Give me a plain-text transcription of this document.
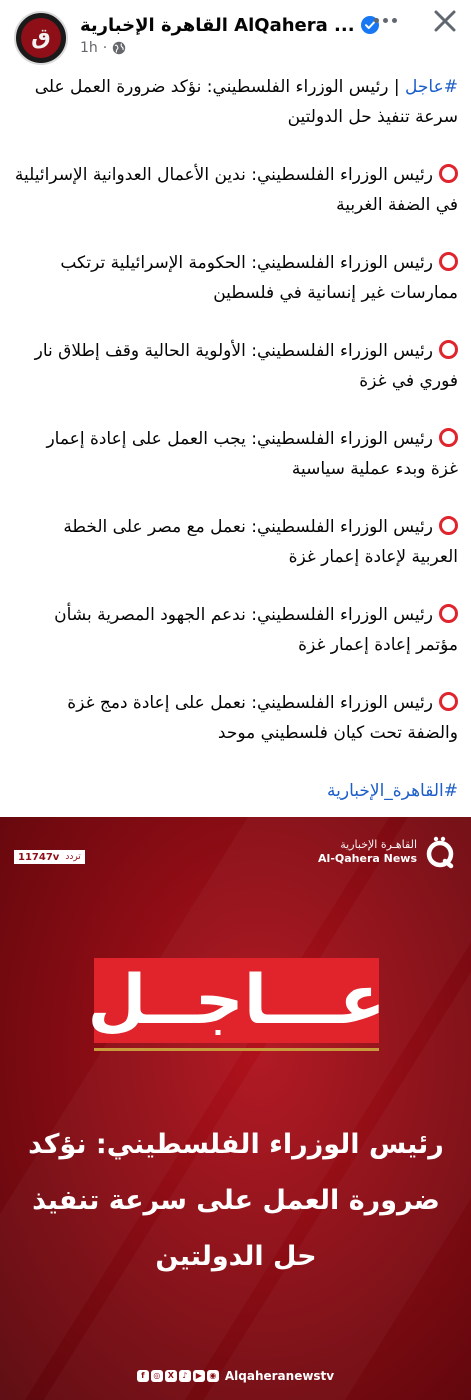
ق القاهرة الإخبارية AlQahera ...
1h ·

#عاجل | رئيس الوزراء الفلسطيني: نؤكد ضرورة العمل على سرعة تنفيذ حل الدولتين

رئيس الوزراء الفلسطيني: ندين الأعمال العدوانية الإسرائيلية في الضفة الغربية

رئيس الوزراء الفلسطيني: الحكومة الإسرائيلية ترتكب ممارسات غير إنسانية في فلسطين

رئيس الوزراء الفلسطيني: الأولوية الحالية وقف إطلاق نار فوري في غزة

رئيس الوزراء الفلسطيني: يجب العمل على إعادة إعمار غزة وبدء عملية سياسية

رئيس الوزراء الفلسطيني: نعمل مع مصر على الخطة العربية لإعادة إعمار غزة

رئيس الوزراء الفلسطيني: ندعم الجهود المصرية بشأن مؤتمر إعادة إعمار غزة

رئيس الوزراء الفلسطيني: نعمل على إعادة دمج غزة والضفة تحت كيان فلسطيني موحد

#القاهرة_الإخبارية

11747v تردد
القاهـرة الإخبارية
Al-Qahera News
عـــاجــل
رئيس الوزراء الفلسطيني: نؤكد ضرورة العمل على سرعة تنفيذ حل الدولتين
f	◎ X	♪	▶ ◉ Alqaheranewstv
